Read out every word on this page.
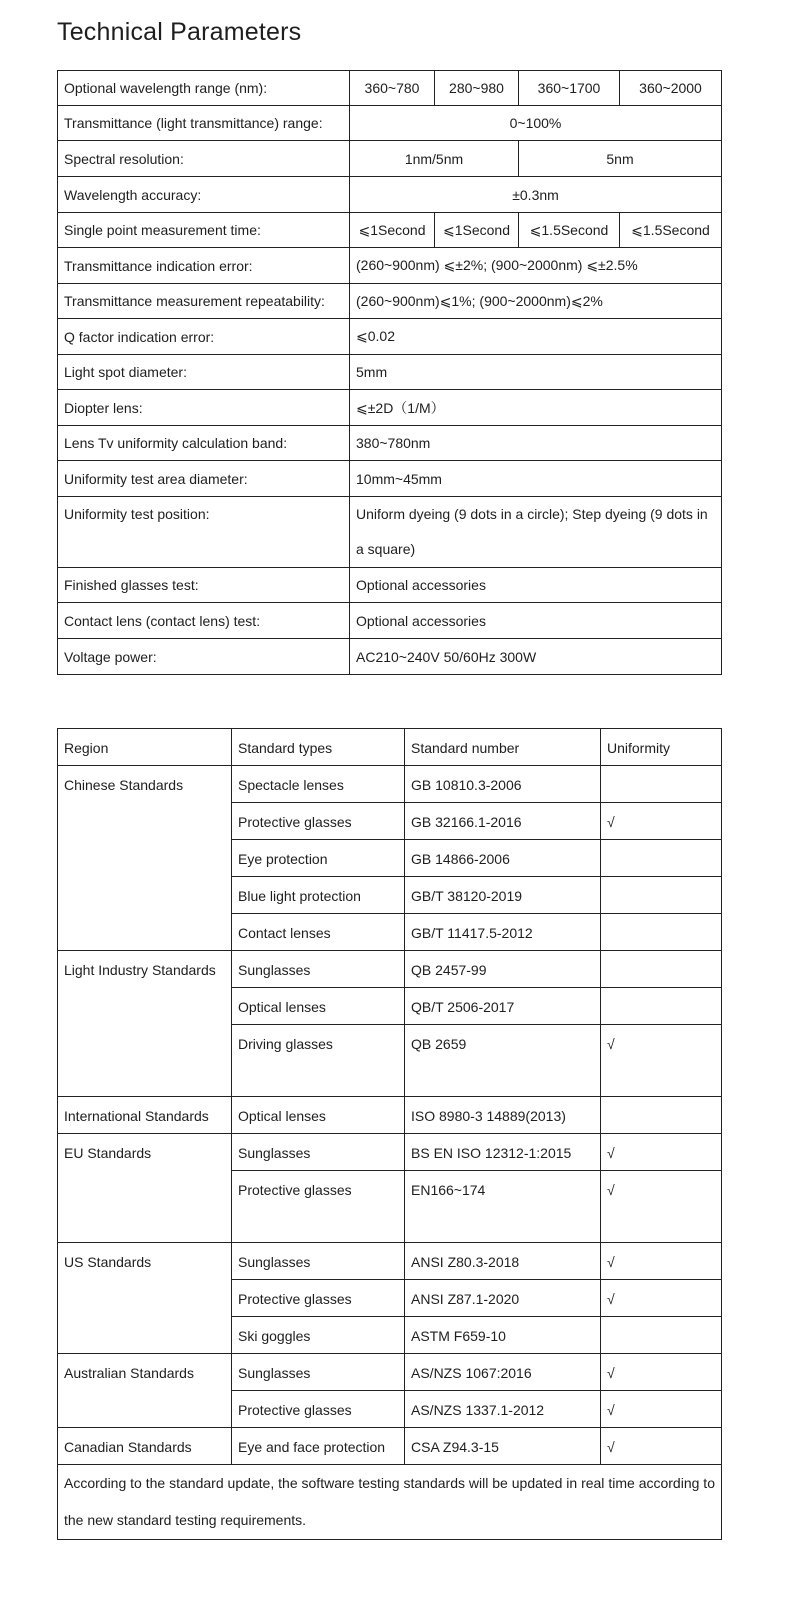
Technical Parameters
Optional wavelength range (nm):	360~780	280~980	360~1700	360~2000
Transmittance (light transmittance) range:	0~100%			
Spectral resolution:	1nm/5nm		5nm	
Wavelength accuracy:	±0.3nm			
Single point measurement time:	⩽1Second	⩽1Second	⩽1.5Second	⩽1.5Second
Transmittance indication error:	(260~900nm) ⩽±2%; (900~2000nm) ⩽±2.5%			
Transmittance measurement repeatability:	(260~900nm)⩽1%; (900~2000nm)⩽2%			
Q factor indication error:	⩽0.02			
Light spot diameter:	5mm			
Diopter lens:	⩽±2D（1/M）			
Lens Tv uniformity calculation band:	380~780nm			
Uniformity test area diameter:	10mm~45mm			
Uniformity test position:	Uniform dyeing (9 dots in a circle); Step dyeing (9 dots in a square)			
Finished glasses test:	Optional accessories			
Contact lens (contact lens) test:	Optional accessories			
Voltage power:	AC210~240V 50/60Hz 300W			
Region	Standard types	Standard number	Uniformity
Chinese Standards	Spectacle lenses	GB 10810.3-2006	
	Protective glasses	GB 32166.1-2016	√
	Eye protection	GB 14866-2006	
	Blue light protection	GB/T 38120-2019	
	Contact lenses	GB/T 11417.5-2012	
Light Industry Standards	Sunglasses	QB 2457-99	
	Optical lenses	QB/T 2506-2017	
	Driving glasses	QB 2659	√
International Standards	Optical lenses	ISO 8980-3 14889(2013)	
EU Standards	Sunglasses	BS EN ISO 12312-1:2015	√
	Protective glasses	EN166~174	√
US Standards	Sunglasses	ANSI Z80.3-2018	√
	Protective glasses	ANSI Z87.1-2020	√
	Ski goggles	ASTM F659-10	
Australian Standards	Sunglasses	AS/NZS 1067:2016	√
	Protective glasses	AS/NZS 1337.1-2012	√
Canadian Standards	Eye and face protection	CSA Z94.3-15	√
According to the standard update, the software testing standards will be updated in real time according to the new standard testing requirements.			
